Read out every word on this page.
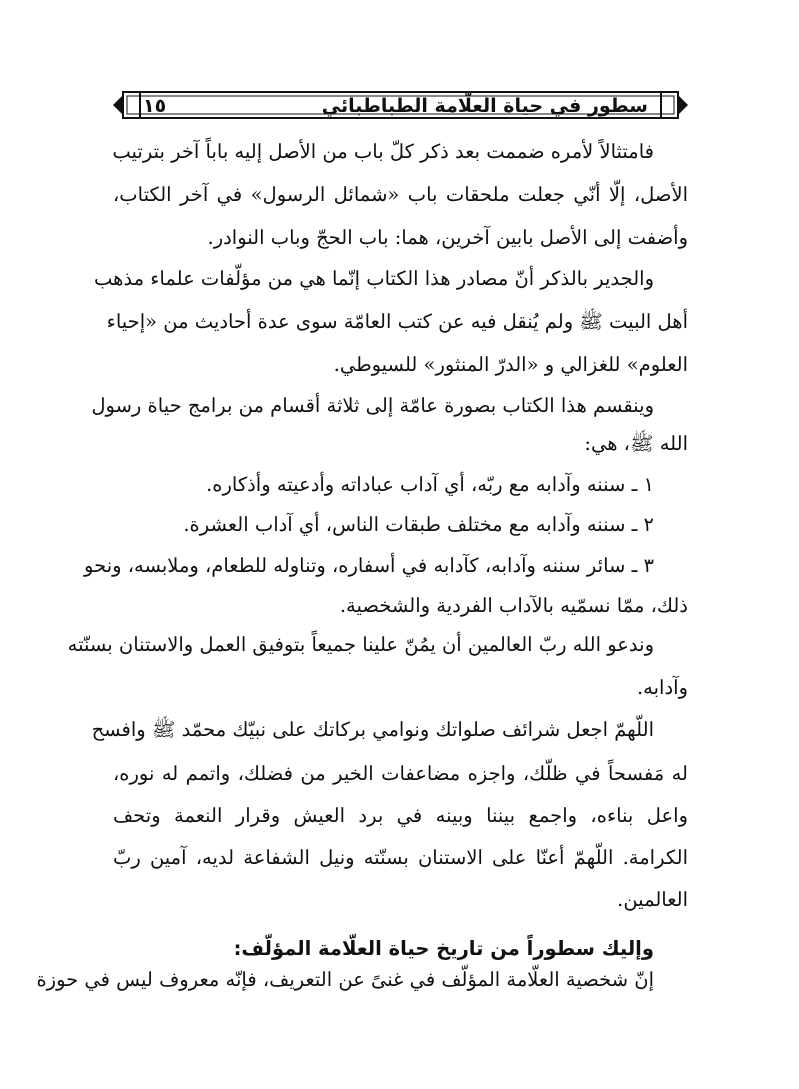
سطور في حياة العلّامة الطباطبائي
١٥
فامتثالاً لأمره ضممت بعد ذكر كلّ باب من الأصل إليه باباً آخر بترتيب
الأصل، إلّا أنّي جعلت ملحقات باب «شمائل الرسول» في آخر الكتاب،
وأضفت إلى الأصل بابين آخرين، هما: باب الحجّ وباب النوادر.
والجدير بالذكر أنّ مصادر هذا الكتاب إنّما هي من مؤلّفات علماء مذهب
أهل البيت ﷺ ولم يُنقل فيه عن كتب العامّة سوى عدة أحاديث من «إحياء
العلوم» للغزالي و «الدرّ المنثور» للسيوطي.
وينقسم هذا الكتاب بصورة عامّة إلى ثلاثة أقسام من برامج حياة رسول
الله ﷺ، هي:
١ ـ سننه وآدابه مع ربّه، أي آداب عباداته وأدعيته وأذكاره.
٢ ـ سننه وآدابه مع مختلف طبقات الناس، أي آداب العشرة.
٣ ـ سائر سننه وآدابه، كآدابه في أسفاره، وتناوله للطعام، وملابسه، ونحو
ذلك، ممّا نسمّيه بالآداب الفردية والشخصية.
وندعو الله ربّ العالمين أن يمُنّ علينا جميعاً بتوفيق العمل والاستنان بسنّته
وآدابه.
اللّهمّ اجعل شرائف صلواتك ونوامي بركاتك على نبيّك محمّد ﷺ وافسح
له مَفسحاً في ظلّك، واجزه مضاعفات الخير من فضلك، واتمم له نوره،
واعل بناءه، واجمع بيننا وبينه في برد العيش وقرار النعمة وتحف
الكرامة. اللّهمّ أعنّا على الاستنان بسنّته ونيل الشفاعة لديه، آمين ربّ
العالمين.
وإليك سطوراً من تاريخ حياة العلّامة المؤلّف:
إنّ شخصية العلّامة المؤلّف في غنىً عن التعريف، فإنّه معروف ليس في حوزة
